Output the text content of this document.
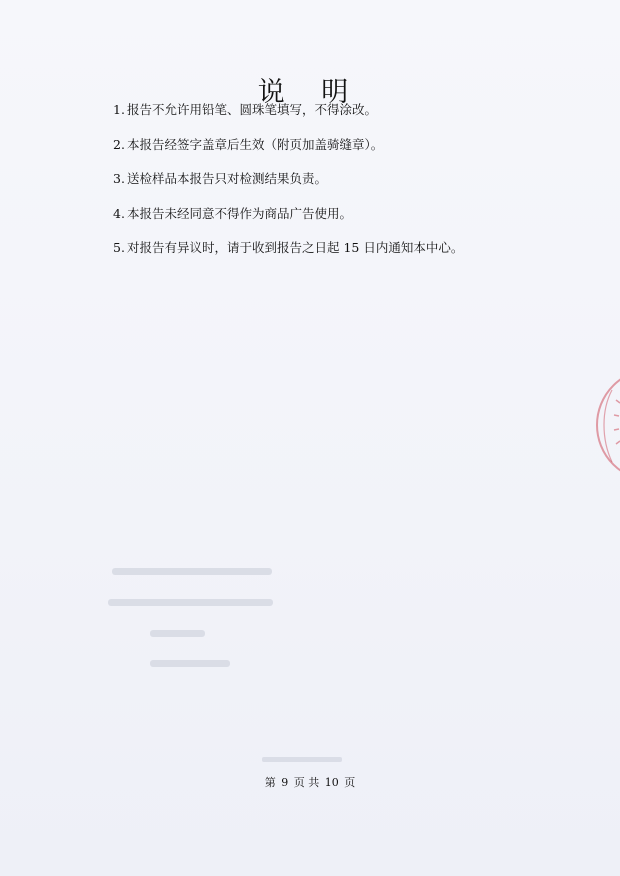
说 明
1. 报告不允许用铅笔、圆珠笔填写，不得涂改。
2. 本报告经签字盖章后生效（附页加盖骑缝章）。
3. 送检样品本报告只对检测结果负责。
4. 本报告未经同意不得作为商品广告使用。
5. 对报告有异议时，请于收到报告之日起 15 日内通知本中心。
第 9 页 共 10 页
